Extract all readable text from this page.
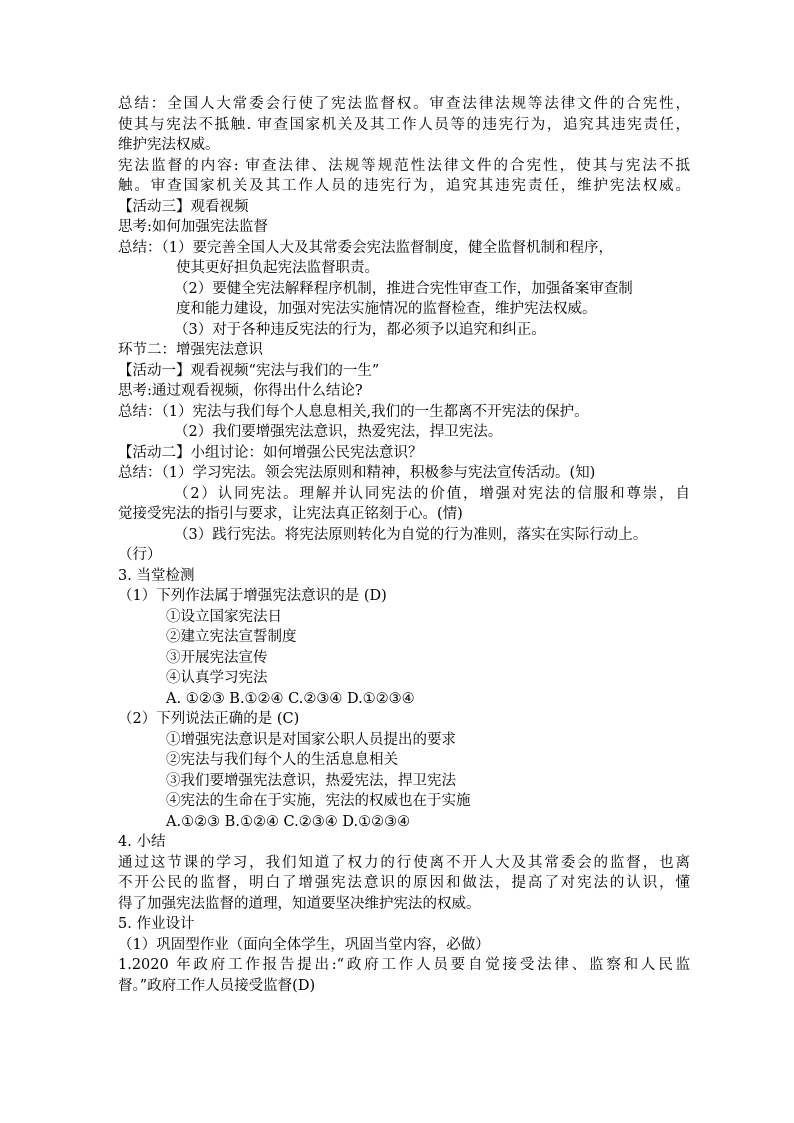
总结：全国人大常委会行使了宪法监督权。审查法律法规等法律文件的合宪性，
使其与宪法不抵触. 审查国家机关及其工作人员等的违宪行为，追究其违宪责任，
维护宪法权威。
宪法监督的内容: 审查法律、法规等规范性法律文件的合宪性，使其与宪法不抵
触。审查国家机关及其工作人员的违宪行为，追究其违宪责任，维护宪法权威。
【活动三】观看视频
思考:如何加强宪法监督
总结：（1）要完善全国人大及其常委会宪法监督制度，健全监督机制和程序，
使其更好担负起宪法监督职责。
（2）要健全宪法解释程序机制，推进合宪性审查工作，加强备案审查制
度和能力建设，加强对宪法实施情况的监督检查，维护宪法权威。
（3）对于各种违反宪法的行为，都必须予以追究和纠正。
环节二：增强宪法意识
【活动一】观看视频“宪法与我们的一生”
思考:通过观看视频，你得出什么结论?
总结：（1）宪法与我们每个人息息相关,我们的一生都离不开宪法的保护。
（2）我们要增强宪法意识，热爱宪法，捍卫宪法。
【活动二】小组讨论：如何增强公民宪法意识？
总结：（1）学习宪法。领会宪法原则和精神，积极参与宪法宣传活动。(知)
（2）认同宪法。理解并认同宪法的价值，增强对宪法的信服和尊崇，自
觉接受宪法的指引与要求，让宪法真正铭刻于心。(情)
（3）践行宪法。将宪法原则转化为自觉的行为准则，落实在实际行动上。
（行）
3. 当堂检测
（1）下列作法属于增强宪法意识的是 (D)
①设立国家宪法日
②建立宪法宣誓制度
③开展宪法宣传
④认真学习宪法
A. ①②③ B.①②④ C.②③④ D.①②③④
（2）下列说法正确的是 (C)
①增强宪法意识是对国家公职人员提出的要求
②宪法与我们每个人的生活息息相关
③我们要增强宪法意识，热爱宪法，捍卫宪法
④宪法的生命在于实施，宪法的权威也在于实施
A.①②③ B.①②④ C.②③④ D.①②③④
4. 小结
通过这节课的学习，我们知道了权力的行使离不开人大及其常委会的监督，也离
不开公民的监督，明白了增强宪法意识的原因和做法，提高了对宪法的认识，懂
得了加强宪法监督的道理，知道要坚决维护宪法的权威。
5. 作业设计
（1）巩固型作业（面向全体学生，巩固当堂内容，必做）
1.2020 年政府工作报告提出:“政府工作人员要自觉接受法律、监察和人民监
督。”政府工作人员接受监督(D)
